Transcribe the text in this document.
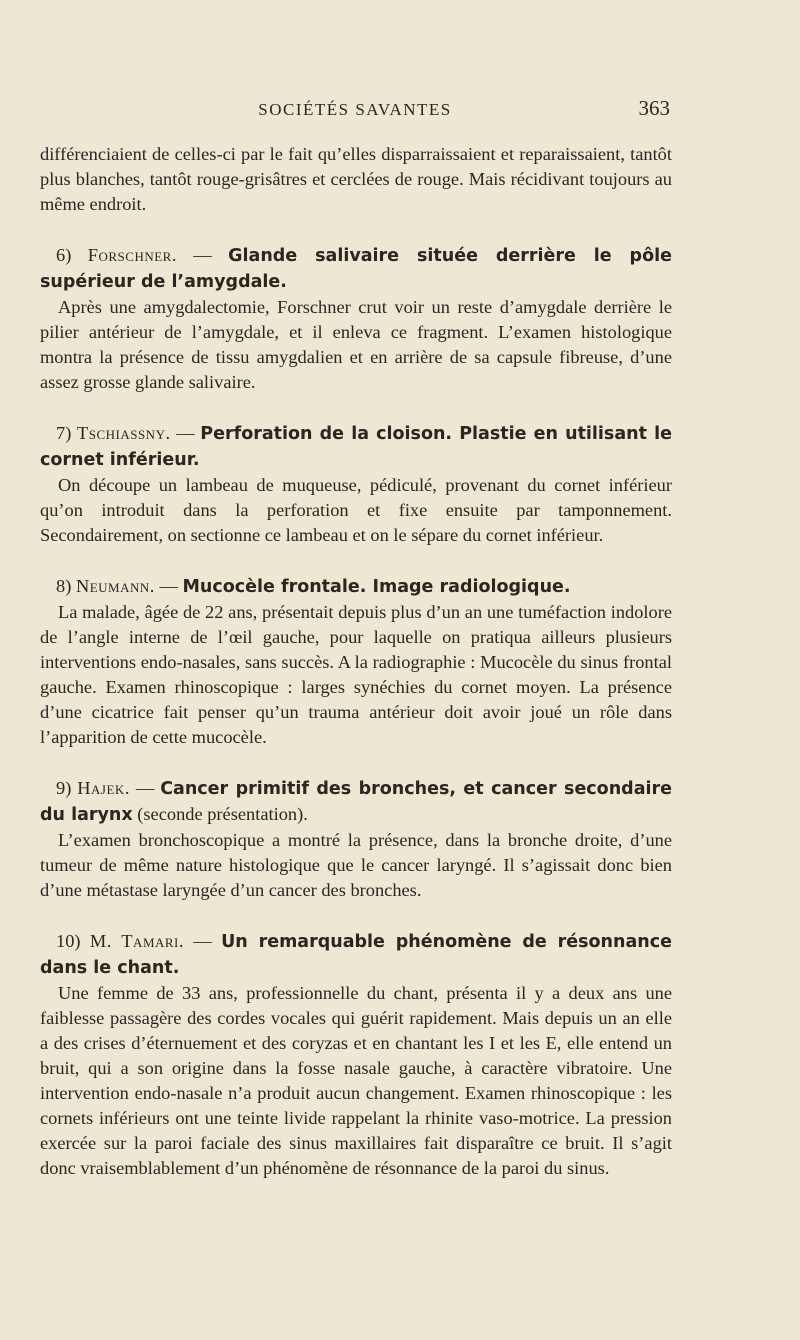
SOCIÉTÉS SAVANTES	363

différenciaient de celles-ci par le fait qu’elles disparraissaient et reparaissaient, tantôt plus blanches, tantôt rouge-grisâtres et cerclées de rouge. Mais récidivant toujours au même endroit.

6) Forschner. — Glande salivaire située derrière le pôle supérieur de l’amygdale.

Après une amygdalectomie, Forschner crut voir un reste d’amygdale derrière le pilier antérieur de l’amygdale, et il enleva ce fragment. L’examen histologique montra la présence de tissu amygdalien et en arrière de sa capsule fibreuse, d’une assez grosse glande salivaire.

7) Tschiassny. — Perforation de la cloison. Plastie en utilisant le cornet inférieur.

On découpe un lambeau de muqueuse, pédiculé, provenant du cornet inférieur qu’on introduit dans la perforation et fixe ensuite par tamponnement. Secondairement, on sectionne ce lambeau et on le sépare du cornet inférieur.

8) Neumann. — Mucocèle frontale. Image radiologique.

La malade, âgée de 22 ans, présentait depuis plus d’un an une tuméfaction indolore de l’angle interne de l’œil gauche, pour laquelle on pratiqua ailleurs plusieurs interventions endo-nasales, sans succès. A la radiographie : Mucocèle du sinus frontal gauche. Examen rhinoscopique : larges synéchies du cornet moyen. La présence d’une cicatrice fait penser qu’un trauma antérieur doit avoir joué un rôle dans l’apparition de cette mucocèle.

9) Hajek. — Cancer primitif des bronches, et cancer secondaire du larynx (seconde présentation).

L’examen bronchoscopique a montré la présence, dans la bronche droite, d’une tumeur de même nature histologique que le cancer laryngé. Il s’agissait donc bien d’une métastase laryngée d’un cancer des bronches.

10) M. Tamari. — Un remarquable phénomène de résonnance dans le chant.

Une femme de 33 ans, professionnelle du chant, présenta il y a deux ans une faiblesse passagère des cordes vocales qui guérit rapidement. Mais depuis un an elle a des crises d’éternuement et des coryzas et en chantant les I et les E, elle entend un bruit, qui a son origine dans la fosse nasale gauche, à caractère vibratoire. Une intervention endo-nasale n’a produit aucun changement. Examen rhinoscopique : les cornets inférieurs ont une teinte livide rappelant la rhinite vaso-motrice. La pression exercée sur la paroi faciale des sinus maxillaires fait disparaître ce bruit. Il s’agit donc vraisemblablement d’un phénomène de résonnance de la paroi du sinus.
